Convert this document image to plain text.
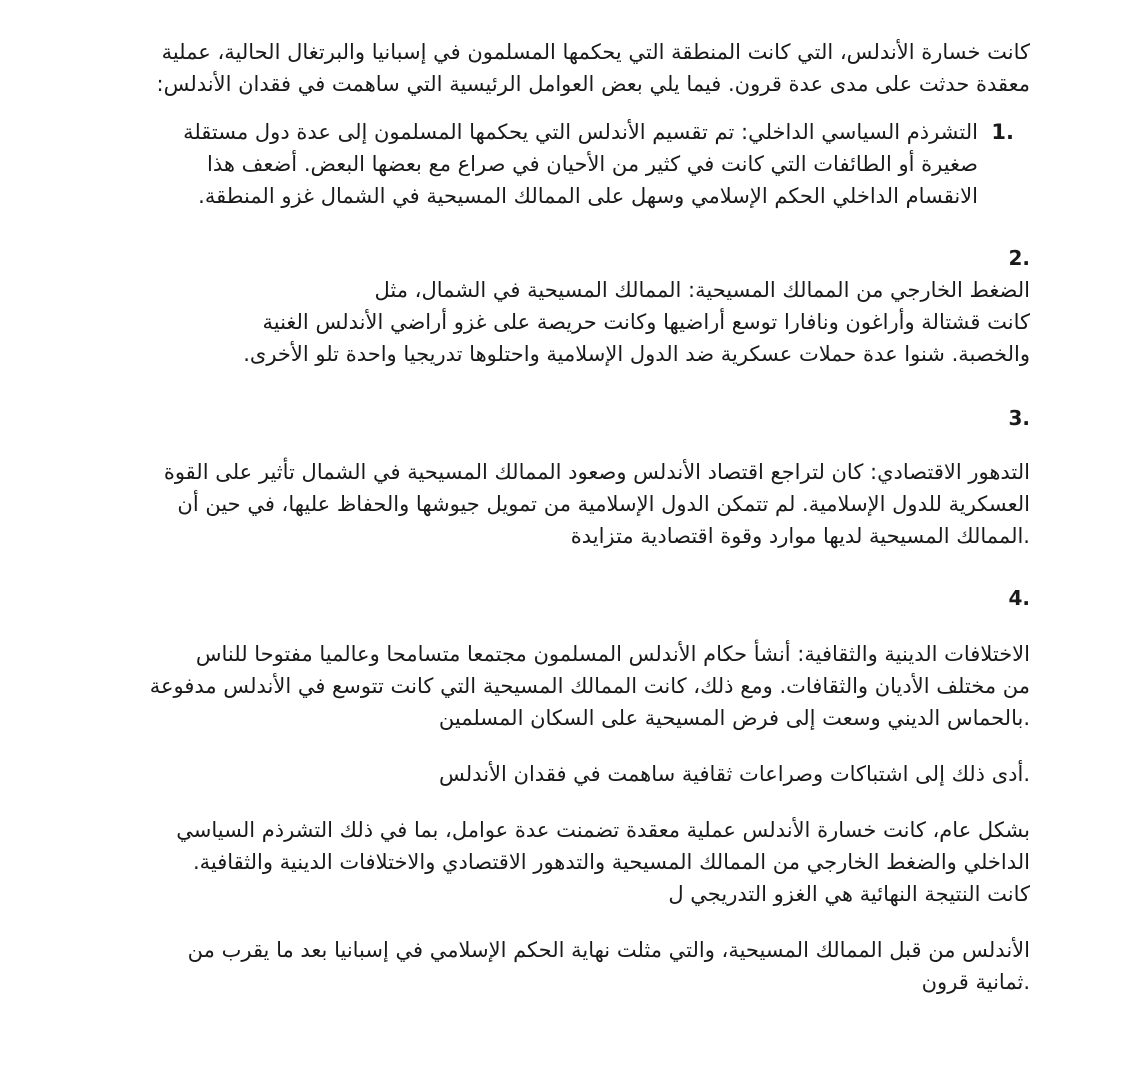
كانت خسارة الأندلس، التي كانت المنطقة التي يحكمها المسلمون في إسبانيا والبرتغال الحالية، عملية
معقدة حدثت على مدى عدة قرون. فيما يلي بعض العوامل الرئيسية التي ساهمت في فقدان الأندلس:

1.
التشرذم السياسي الداخلي: تم تقسيم الأندلس التي يحكمها المسلمون إلى عدة دول مستقلة
صغيرة أو الطائفات التي كانت في كثير من الأحيان في صراع مع بعضها البعض. أضعف هذا
الانقسام الداخلي الحكم الإسلامي وسهل على الممالك المسيحية في الشمال غزو المنطقة.
2.

الضغط الخارجي من الممالك المسيحية: الممالك المسيحية في الشمال، مثل
كانت قشتالة وأراغون ونافارا توسع أراضيها وكانت حريصة على غزو أراضي الأندلس الغنية
والخصبة. شنوا عدة حملات عسكرية ضد الدول الإسلامية واحتلوها تدريجيا واحدة تلو الأخرى.

3.

التدهور الاقتصادي: كان لتراجع اقتصاد الأندلس وصعود الممالك المسيحية في الشمال تأثير على القوة
العسكرية للدول الإسلامية. لم تتمكن الدول الإسلامية من تمويل جيوشها والحفاظ عليها، في حين أن
.الممالك المسيحية لديها موارد وقوة اقتصادية متزايدة

4.

الاختلافات الدينية والثقافية: أنشأ حكام الأندلس المسلمون مجتمعا متسامحا وعالميا مفتوحا للناس
من مختلف الأديان والثقافات. ومع ذلك، كانت الممالك المسيحية التي كانت تتوسع في الأندلس مدفوعة
.بالحماس الديني وسعت إلى فرض المسيحية على السكان المسلمين

.أدى ذلك إلى اشتباكات وصراعات ثقافية ساهمت في فقدان الأندلس

بشكل عام، كانت خسارة الأندلس عملية معقدة تضمنت عدة عوامل، بما في ذلك التشرذم السياسي
الداخلي والضغط الخارجي من الممالك المسيحية والتدهور الاقتصادي والاختلافات الدينية والثقافية.
كانت النتيجة النهائية هي الغزو التدريجي ل

الأندلس من قبل الممالك المسيحية، والتي مثلت نهاية الحكم الإسلامي في إسبانيا بعد ما يقرب من
.ثمانية قرون
